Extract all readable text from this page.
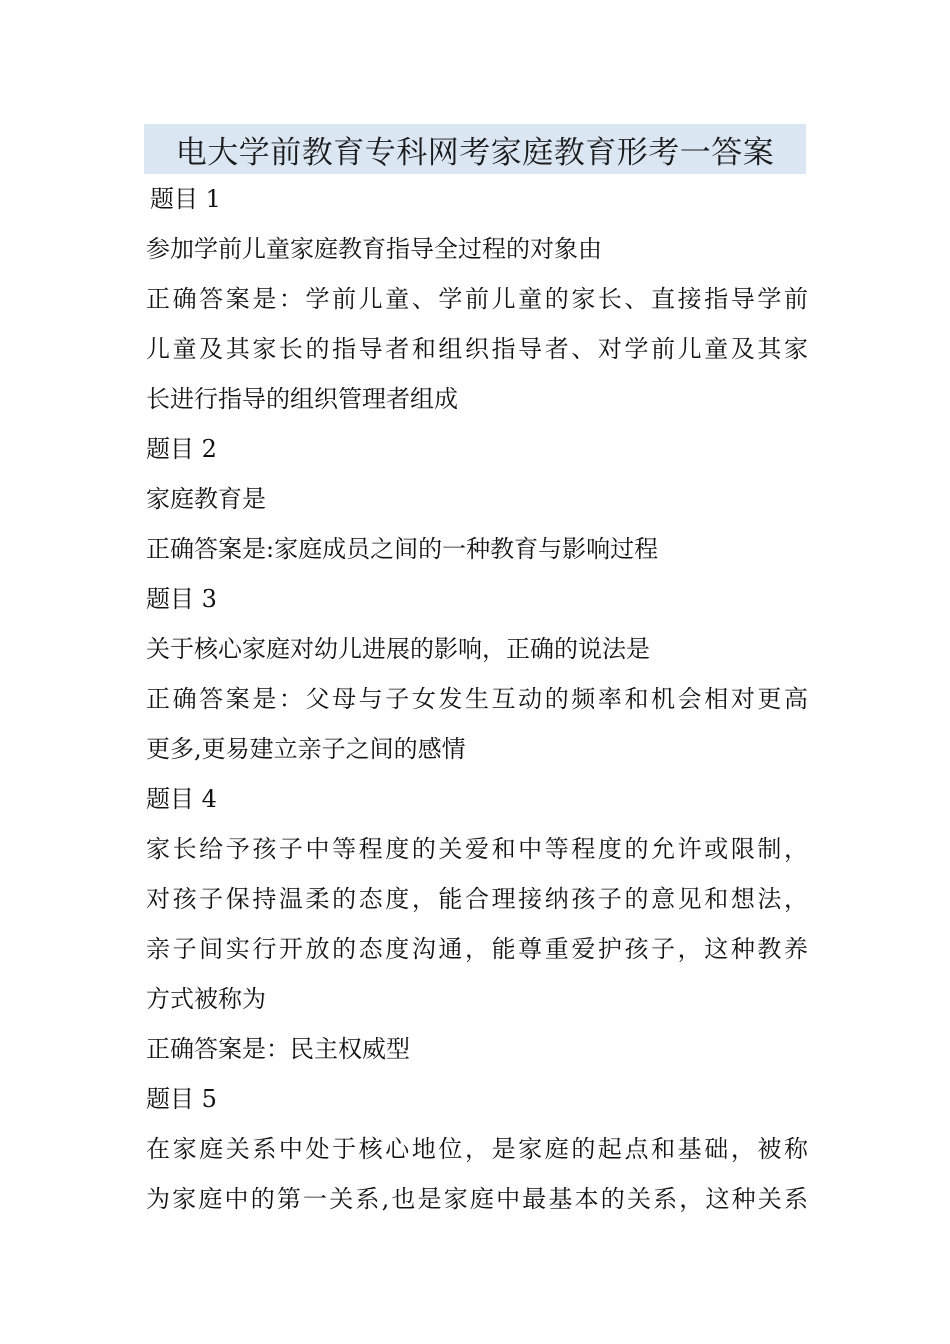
电大学前教育专科网考家庭教育形考一答案
题目 1
参加学前儿童家庭教育指导全过程的对象由
正确答案是：学前儿童、学前儿童的家长、直接指导学前
儿童及其家长的指导者和组织指导者、对学前儿童及其家
长进行指导的组织管理者组成
题目 2
家庭教育是
正确答案是:家庭成员之间的一种教育与影响过程
题目 3
关于核心家庭对幼儿进展的影响，正确的说法是
正确答案是：父母与子女发生互动的频率和机会相对更高
更多,更易建立亲子之间的感情
题目 4
家长给予孩子中等程度的关爱和中等程度的允许或限制，
对孩子保持温柔的态度，能合理接纳孩子的意见和想法，
亲子间实行开放的态度沟通，能尊重爱护孩子，这种教养
方式被称为
正确答案是：民主权威型
题目 5
在家庭关系中处于核心地位，是家庭的起点和基础，被称
为家庭中的第一关系,也是家庭中最基本的关系，这种关系
